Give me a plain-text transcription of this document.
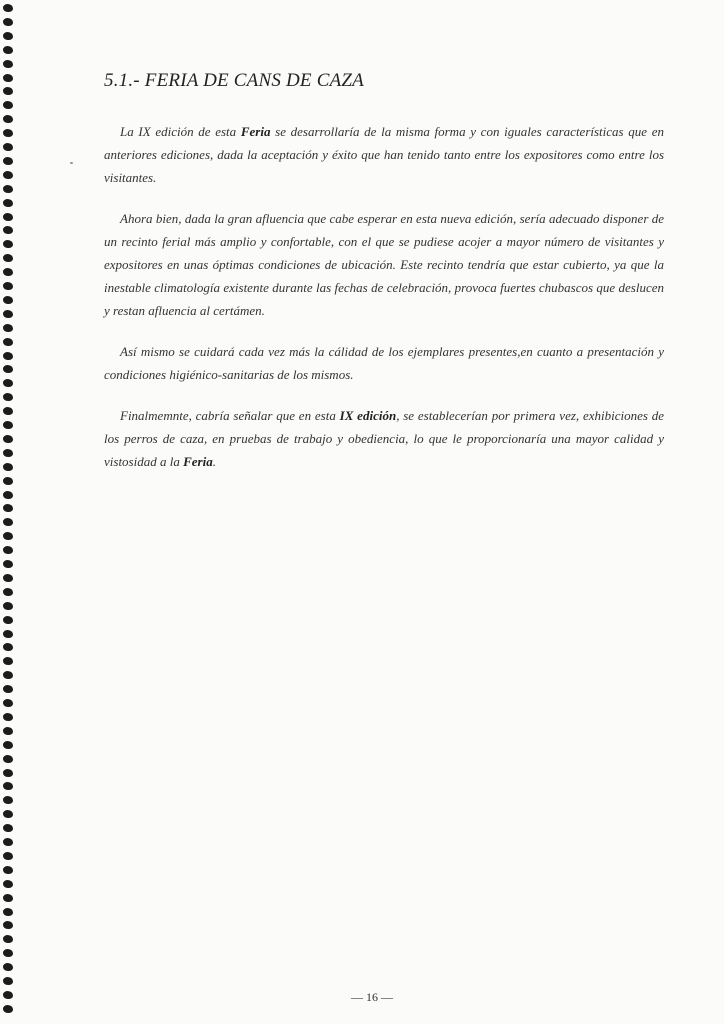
5.1.- FERIA DE CANS DE CAZA

La IX edición de esta Feria se desarrollaría de la misma forma y con iguales características que en anteriores ediciones, dada la aceptación y éxito que han tenido tanto entre los expositores como entre los visitantes.

Ahora bien, dada la gran afluencia que cabe esperar en esta nueva edición, sería adecuado disponer de un recinto ferial más amplio y confortable, con el que se pudiese acojer a mayor número de visitantes y expositores en unas óptimas condiciones de ubicación. Este recinto tendría que estar cubierto, ya que la inestable climatología existente durante las fechas de celebración, provoca fuertes chubascos que deslucen y restan afluencia al certámen.

Así mismo se cuidará cada vez más la cálidad de los ejemplares presentes,en cuanto a presentación y condiciones higiénico-sanitarias de los mismos.

Finalmemnte, cabría señalar que en esta IX edición, se establecerían por primera vez, exhibiciones de los perros de caza, en pruebas de trabajo y obediencia, lo que le proporcionaría una mayor calidad y vistosidad a la Feria.

— 16 —
